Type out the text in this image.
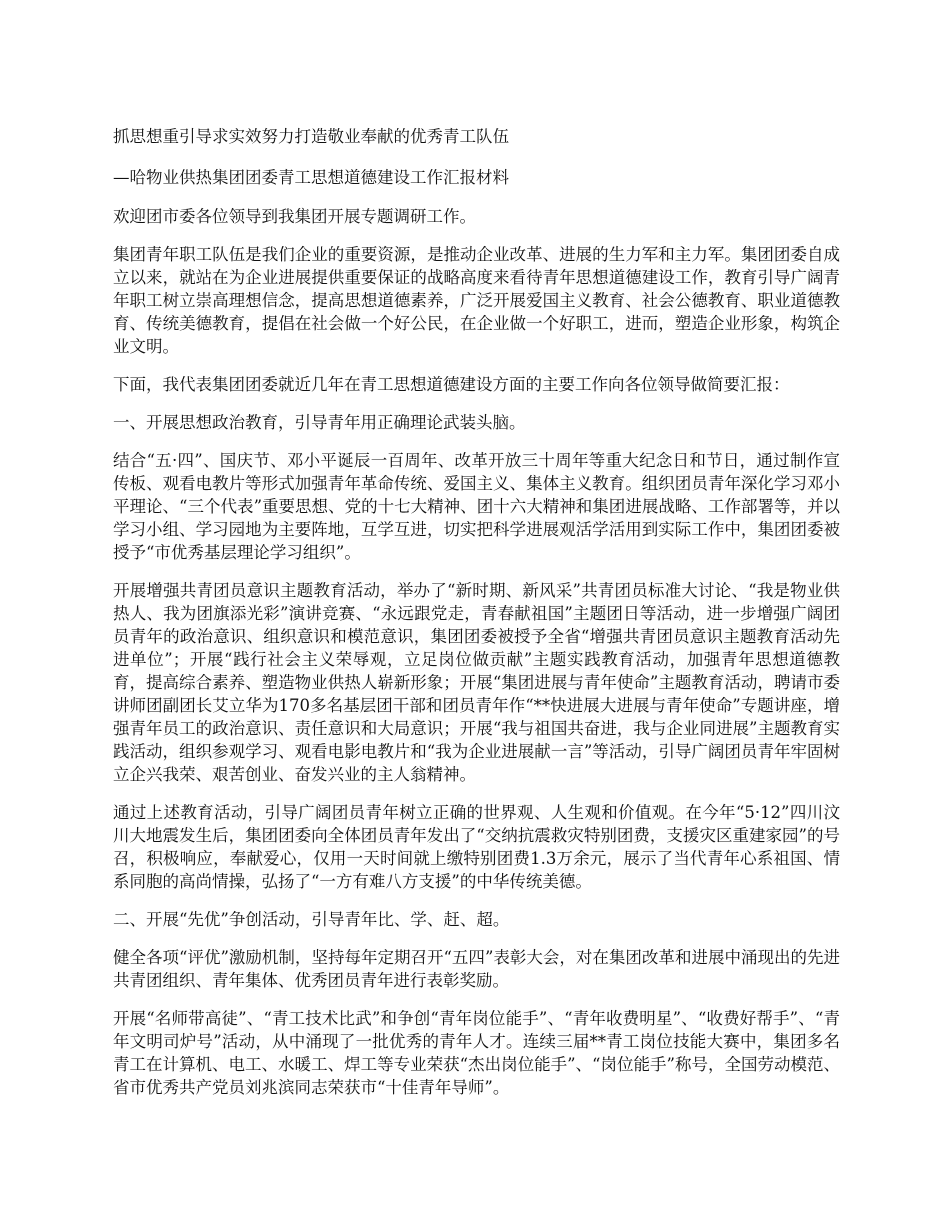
抓思想重引导求实效努力打造敬业奉献的优秀青工队伍

—哈物业供热集团团委青工思想道德建设工作汇报材料

欢迎团市委各位领导到我集团开展专题调研工作。

集团青年职工队伍是我们企业的重要资源，是推动企业改革、进展的生力军和主力军。集团团委自成立以来，就站在为企业进展提供重要保证的战略高度来看待青年思想道德建设工作，教育引导广阔青年职工树立崇高理想信念，提高思想道德素养，广泛开展爱国主义教育、社会公德教育、职业道德教育、传统美德教育，提倡在社会做一个好公民，在企业做一个好职工，进而，塑造企业形象，构筑企业文明。

下面，我代表集团团委就近几年在青工思想道德建设方面的主要工作向各位领导做简要汇报：

一、开展思想政治教育，引导青年用正确理论武装头脑。

结合“五·四”、国庆节、邓小平诞辰一百周年、改革开放三十周年等重大纪念日和节日，通过制作宣传板、观看电教片等形式加强青年革命传统、爱国主义、集体主义教育。组织团员青年深化学习邓小平理论、“三个代表”重要思想、党的十七大精神、团十六大精神和集团进展战略、工作部署等，并以学习小组、学习园地为主要阵地，互学互进，切实把科学进展观活学活用到实际工作中，集团团委被授予“市优秀基层理论学习组织”。

开展增强共青团员意识主题教育活动，举办了“新时期、新风采”共青团员标准大讨论、“我是物业供热人、我为团旗添光彩”演讲竞赛、“永远跟党走，青春献祖国”主题团日等活动，进一步增强广阔团员青年的政治意识、组织意识和模范意识，集团团委被授予全省“增强共青团员意识主题教育活动先进单位”；开展“践行社会主义荣辱观，立足岗位做贡献”主题实践教育活动，加强青年思想道德教育，提高综合素养、塑造物业供热人崭新形象；开展“集团进展与青年使命”主题教育活动，聘请市委讲师团副团长艾立华为170多名基层团干部和团员青年作“**快进展大进展与青年使命”专题讲座，增强青年员工的政治意识、责任意识和大局意识；开展“我与祖国共奋进，我与企业同进展”主题教育实践活动，组织参观学习、观看电影电教片和“我为企业进展献一言”等活动，引导广阔团员青年牢固树立企兴我荣、艰苦创业、奋发兴业的主人翁精神。

通过上述教育活动，引导广阔团员青年树立正确的世界观、人生观和价值观。在今年“5·12”四川汶川大地震发生后，集团团委向全体团员青年发出了“交纳抗震救灾特别团费，支援灾区重建家园”的号召，积极响应，奉献爱心，仅用一天时间就上缴特别团费1.3万余元，展示了当代青年心系祖国、情系同胞的高尚情操，弘扬了“一方有难八方支援”的中华传统美德。

二、开展“先优”争创活动，引导青年比、学、赶、超。

健全各项“评优”激励机制，坚持每年定期召开“五四”表彰大会，对在集团改革和进展中涌现出的先进共青团组织、青年集体、优秀团员青年进行表彰奖励。

开展“名师带高徒”、“青工技术比武”和争创“青年岗位能手”、“青年收费明星”、“收费好帮手”、“青年文明司炉号”活动，从中涌现了一批优秀的青年人才。连续三届**青工岗位技能大赛中，集团多名青工在计算机、电工、水暖工、焊工等专业荣获“杰出岗位能手”、“岗位能手”称号，全国劳动模范、省市优秀共产党员刘兆滨同志荣获市“十佳青年导师”。
